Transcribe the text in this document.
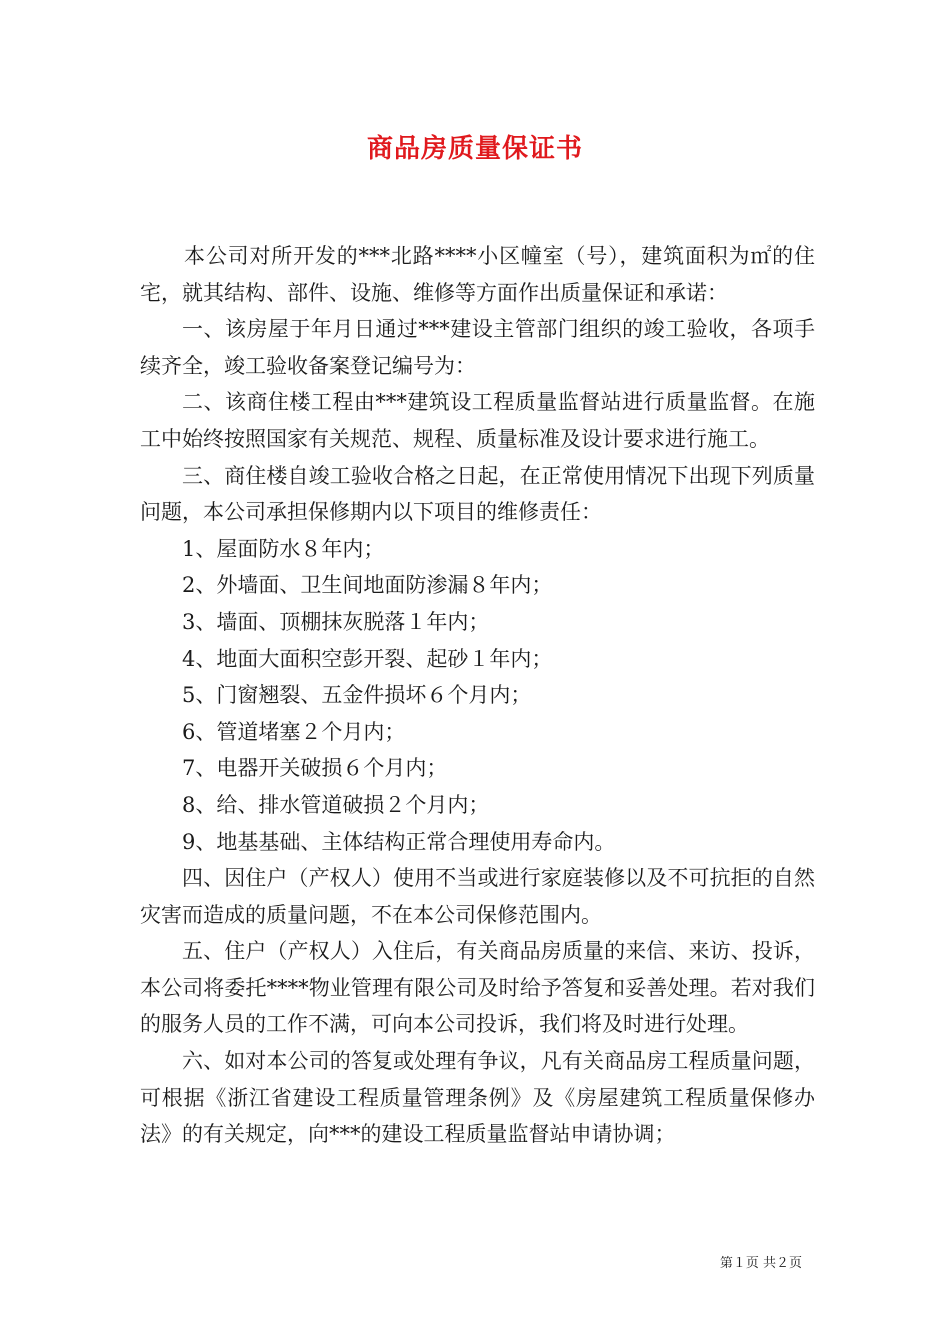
商品房质量保证书

本公司对所开发的***北路****小区幢室（号），建筑面积为㎡的住宅，就其结构、部件、设施、维修等方面作出质量保证和承诺：

一、该房屋于年月日通过***建设主管部门组织的竣工验收，各项手续齐全，竣工验收备案登记编号为：

二、该商住楼工程由***建筑设工程质量监督站进行质量监督。在施工中始终按照国家有关规范、规程、质量标准及设计要求进行施工。

三、商住楼自竣工验收合格之日起，在正常使用情况下出现下列质量问题，本公司承担保修期内以下项目的维修责任：

1、屋面防水８年内；

2、外墙面、卫生间地面防渗漏８年内；

3、墙面、顶棚抹灰脱落１年内；

4、地面大面积空彭开裂、起砂１年内；

5、门窗翘裂、五金件损坏６个月内；

6、管道堵塞２个月内；

7、电器开关破损６个月内；

8、给、排水管道破损２个月内；

9、地基基础、主体结构正常合理使用寿命内。

四、因住户（产权人）使用不当或进行家庭装修以及不可抗拒的自然灾害而造成的质量问题，不在本公司保修范围内。

五、住户（产权人）入住后，有关商品房质量的来信、来访、投诉，本公司将委托****物业管理有限公司及时给予答复和妥善处理。若对我们的服务人员的工作不满，可向本公司投诉，我们将及时进行处理。

六、如对本公司的答复或处理有争议，凡有关商品房工程质量问题，可根据《浙江省建设工程质量管理条例》及《房屋建筑工程质量保修办法》的有关规定，向***的建设工程质量监督站申请协调；

第１页 共２页
